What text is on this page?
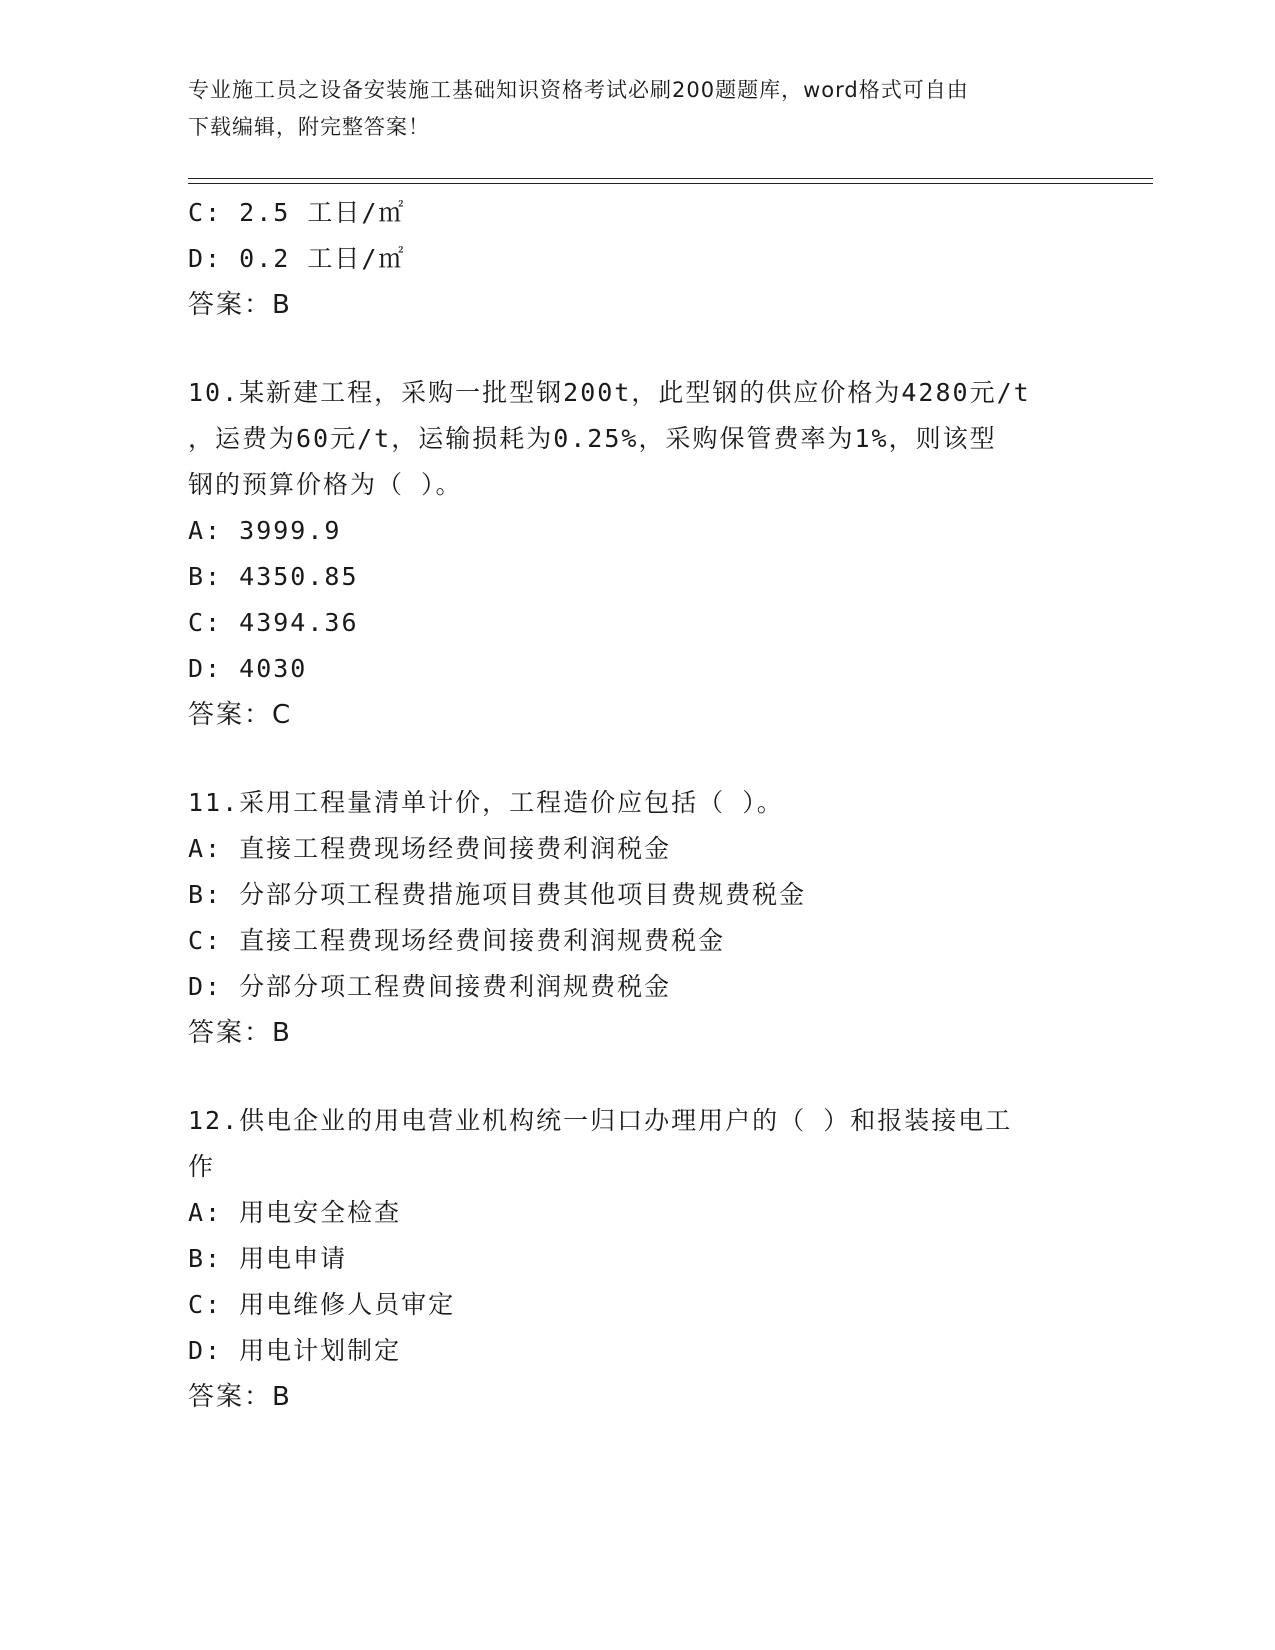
专业施工员之设备安装施工基础知识资格考试必刷200题题库，word格式可自由
下载编辑，附完整答案！
C: 2.5 工日/㎡
D: 0.2 工日/㎡
答案：B
10.某新建工程，采购一批型钢200t，此型钢的供应价格为4280元/t
，运费为60元/t，运输损耗为0.25%，采购保管费率为1%，则该型
钢的预算价格为（ ）。
A: 3999.9
B: 4350.85
C: 4394.36
D: 4030
答案：C
11.采用工程量清单计价，工程造价应包括（ ）。
A: 直接工程费现场经费间接费利润税金
B: 分部分项工程费措施项目费其他项目费规费税金
C: 直接工程费现场经费间接费利润规费税金
D: 分部分项工程费间接费利润规费税金
答案：B
12.供电企业的用电营业机构统一归口办理用户的（ ）和报装接电工
作
A: 用电安全检查
B: 用电申请
C: 用电维修人员审定
D: 用电计划制定
答案：B
